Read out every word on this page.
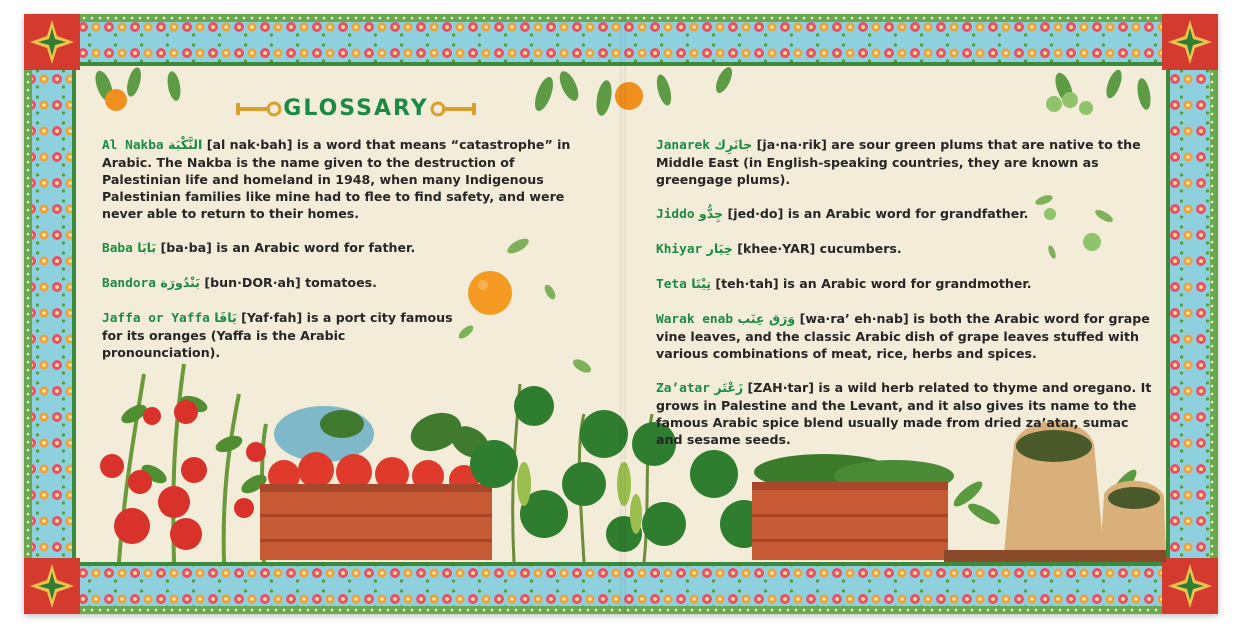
GLOSSARY
Al Nakba النَّكْبَة [al nak·bah] is a word that means “catastrophe” in Arabic. The Nakba is the name given to the destruction of Palestinian life and homeland in 1948, when many Indigenous Palestinian families like mine had to flee to find safety, and were never able to return to their homes.
Baba بَابَا [ba·ba] is an Arabic word for father.
Bandora بَنْدُورَة [bun·DOR·ah] tomatoes.
Jaffa or Yaffa يَافَا [Yaf·fah] is a port city famous for its oranges (Yaffa is the Arabic pronounciation).
Janarek جانَرِك [ja·na·rik] are sour green plums that are native to the Middle East (in English-speaking countries, they are known as greengage plums).
Jiddo جِدُّو [jed·do] is an Arabic word for grandfather.
Khiyar خِيَار [khee·YAR] cucumbers.
Teta تِيْتَا [teh·tah] is an Arabic word for grandmother.
Warak enab وَرَق عِنَب [wa·ra’ eh·nab] is both the Arabic word for grape vine leaves, and the classic Arabic dish of grape leaves stuffed with various combinations of meat, rice, herbs and spices.
Za’atar زَعْتَر [ZAH·tar] is a wild herb related to thyme and oregano. It grows in Palestine and the Levant, and it also gives its name to the famous Arabic spice blend usually made from dried za’atar, sumac and sesame seeds.
